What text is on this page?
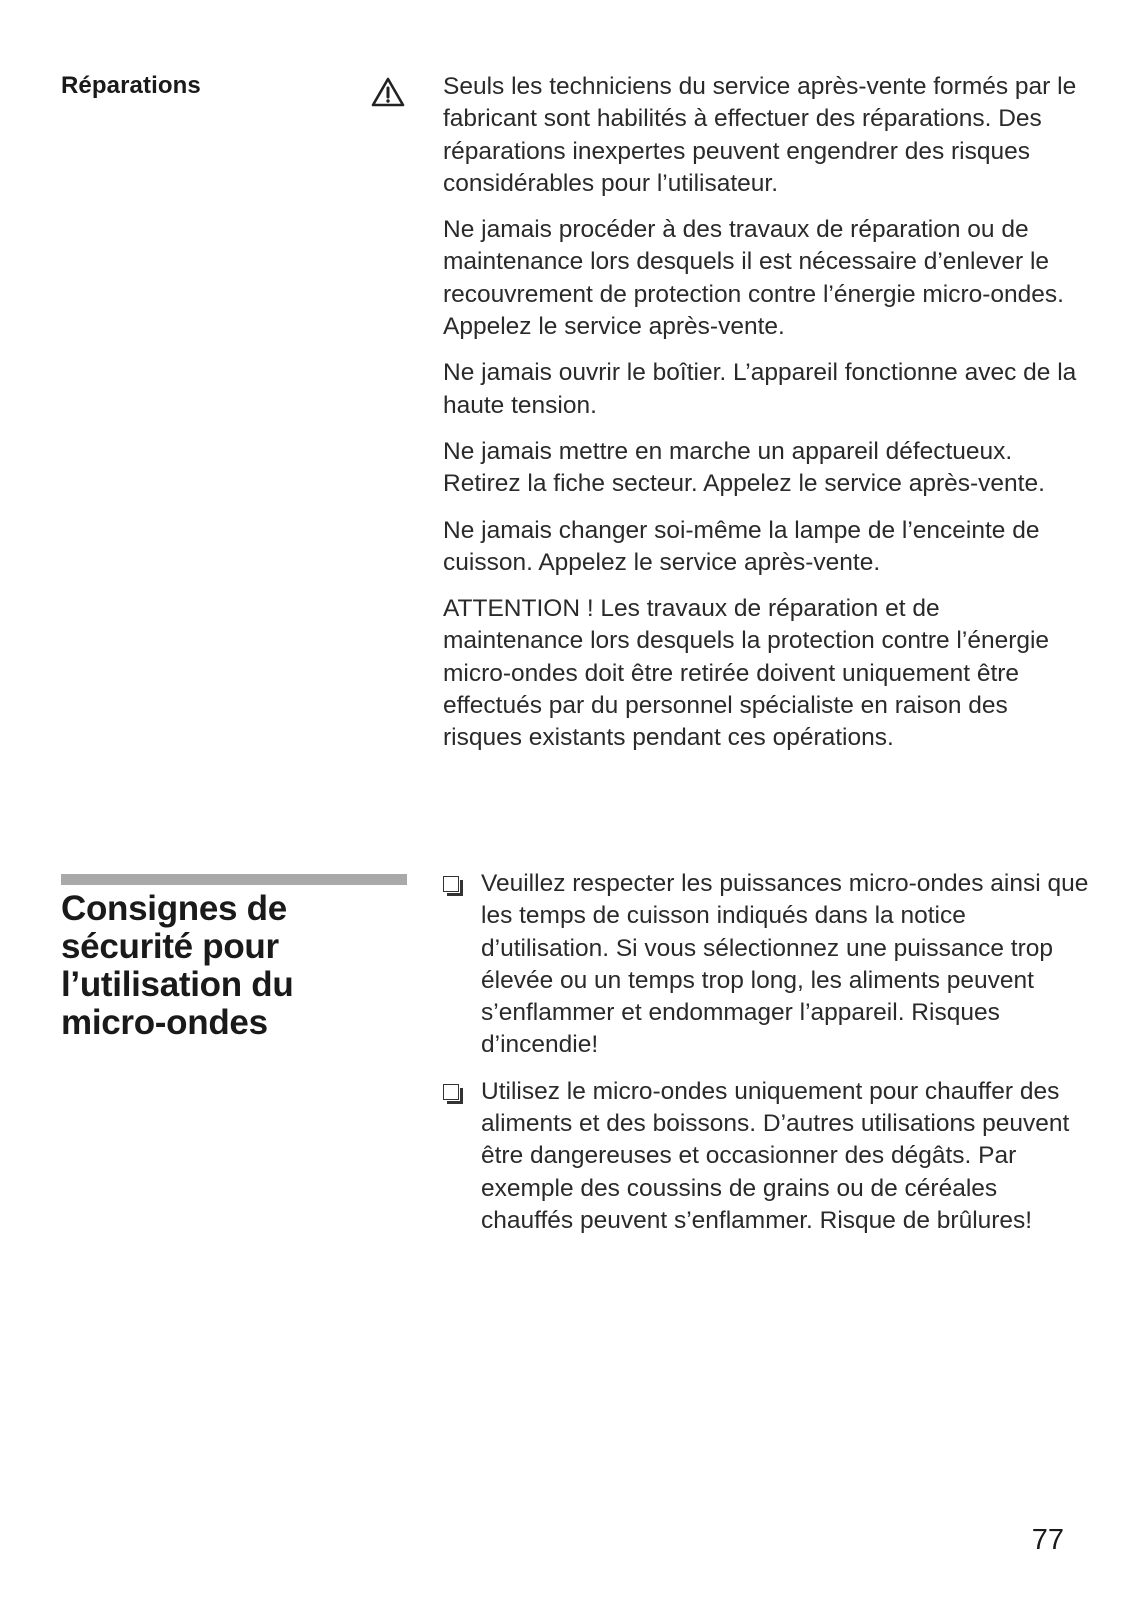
Réparations	Seuls les techniciens du service après-vente formés par le fabricant sont habilités à effectuer des réparations. Des réparations inexpertes peuvent engendrer des risques considérables pour l’utilisateur.

Ne jamais procéder à des travaux de réparation ou de maintenance lors desquels il est nécessaire d’enlever le recouvrement de protection contre l’énergie micro-ondes. Appelez le service après-vente.

Ne jamais ouvrir le boîtier. L’appareil fonctionne avec de la haute tension.

Ne jamais mettre en marche un appareil défectueux. Retirez la fiche secteur. Appelez le service après-vente.

Ne jamais changer soi-même la lampe de l’enceinte de cuisson. Appelez le service après-vente.

ATTENTION ! Les travaux de réparation et de maintenance lors desquels la protection contre l’énergie micro-ondes doit être retirée doivent uniquement être effectués par du personnel spécialiste en raison des risques existants pendant ces opérations.

Consignes de sécurité pour l’utilisation du micro-ondes
Veuillez respecter les puissances micro-ondes ainsi que les temps de cuisson indiqués dans la notice d’utilisation. Si vous sélectionnez une puissance trop élevée ou un temps trop long, les aliments peuvent s’enflammer et endommager l’appareil. Risques d’incendie!
Utilisez le micro-ondes uniquement pour chauffer des aliments et des boissons. D’autres utilisations peuvent être dangereuses et occasionner des dégâts. Par exemple des coussins de grains ou de céréales chauffés peuvent s’enflammer. Risque de brûlures!
77
